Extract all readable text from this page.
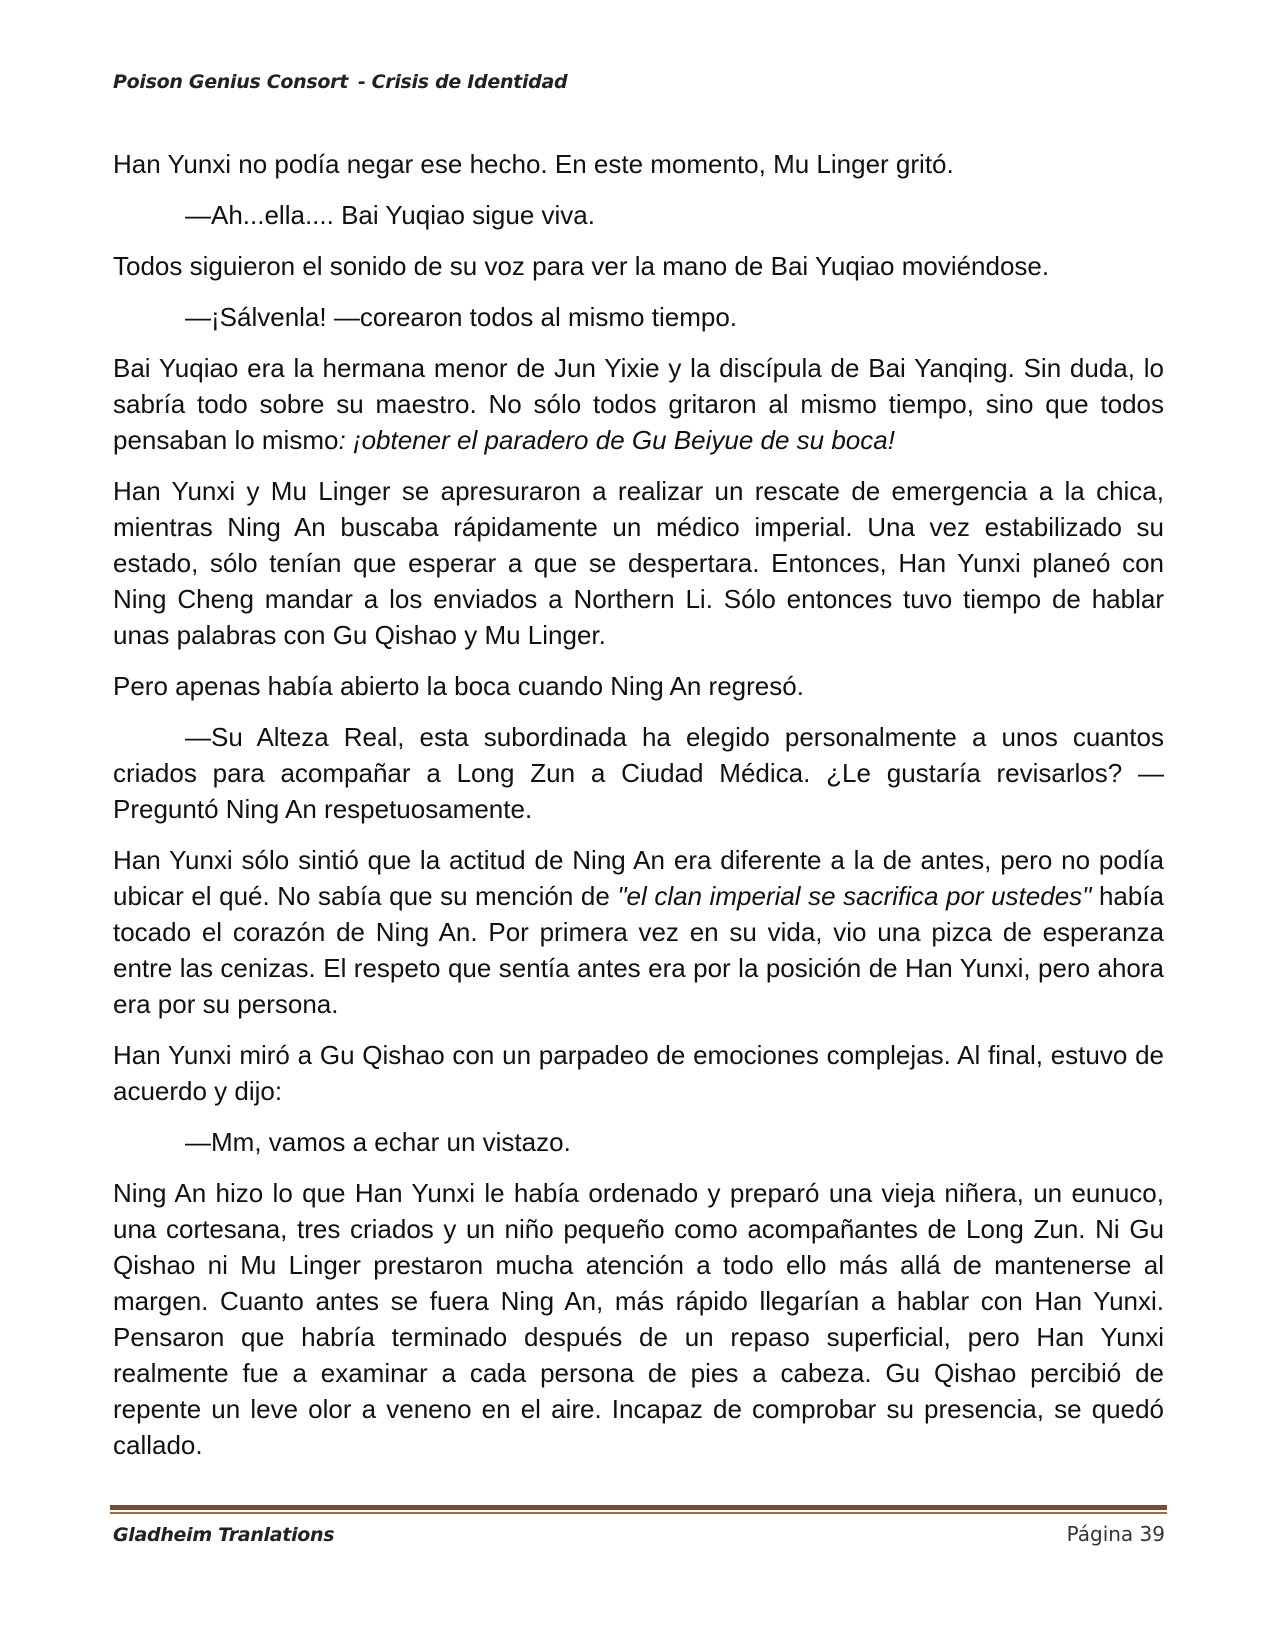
Poison Genius Consort - Crisis de Identidad

Han Yunxi no podía negar ese hecho. En este momento, Mu Linger gritó.

—Ah...ella.... Bai Yuqiao sigue viva.

Todos siguieron el sonido de su voz para ver la mano de Bai Yuqiao moviéndose.

—¡Sálvenla! —corearon todos al mismo tiempo.

Bai Yuqiao era la hermana menor de Jun Yixie y la discípula de Bai Yanqing. Sin duda, lo sabría todo sobre su maestro. No sólo todos gritaron al mismo tiempo, sino que todos pensaban lo mismo: ¡obtener el paradero de Gu Beiyue de su boca!

Han Yunxi y Mu Linger se apresuraron a realizar un rescate de emergencia a la chica, mientras Ning An buscaba rápidamente un médico imperial. Una vez estabilizado su estado, sólo tenían que esperar a que se despertara. Entonces, Han Yunxi planeó con Ning Cheng mandar a los enviados a Northern Li. Sólo entonces tuvo tiempo de hablar unas palabras con Gu Qishao y Mu Linger.

Pero apenas había abierto la boca cuando Ning An regresó.

—Su Alteza Real, esta subordinada ha elegido personalmente a unos cuantos criados para acompañar a Long Zun a Ciudad Médica. ¿Le gustaría revisarlos? —Preguntó Ning An respetuosamente.

Han Yunxi sólo sintió que la actitud de Ning An era diferente a la de antes, pero no podía ubicar el qué. No sabía que su mención de "el clan imperial se sacrifica por ustedes" había tocado el corazón de Ning An. Por primera vez en su vida, vio una pizca de esperanza entre las cenizas. El respeto que sentía antes era por la posición de Han Yunxi, pero ahora era por su persona.

Han Yunxi miró a Gu Qishao con un parpadeo de emociones complejas. Al final, estuvo de acuerdo y dijo:

—Mm, vamos a echar un vistazo.

Ning An hizo lo que Han Yunxi le había ordenado y preparó una vieja niñera, un eunuco, una cortesana, tres criados y un niño pequeño como acompañantes de Long Zun. Ni Gu Qishao ni Mu Linger prestaron mucha atención a todo ello más allá de mantenerse al margen. Cuanto antes se fuera Ning An, más rápido llegarían a hablar con Han Yunxi. Pensaron que habría terminado después de un repaso superficial, pero Han Yunxi realmente fue a examinar a cada persona de pies a cabeza. Gu Qishao percibió de repente un leve olor a veneno en el aire. Incapaz de comprobar su presencia, se quedó callado.

Gladheim Tranlations	Página 39
